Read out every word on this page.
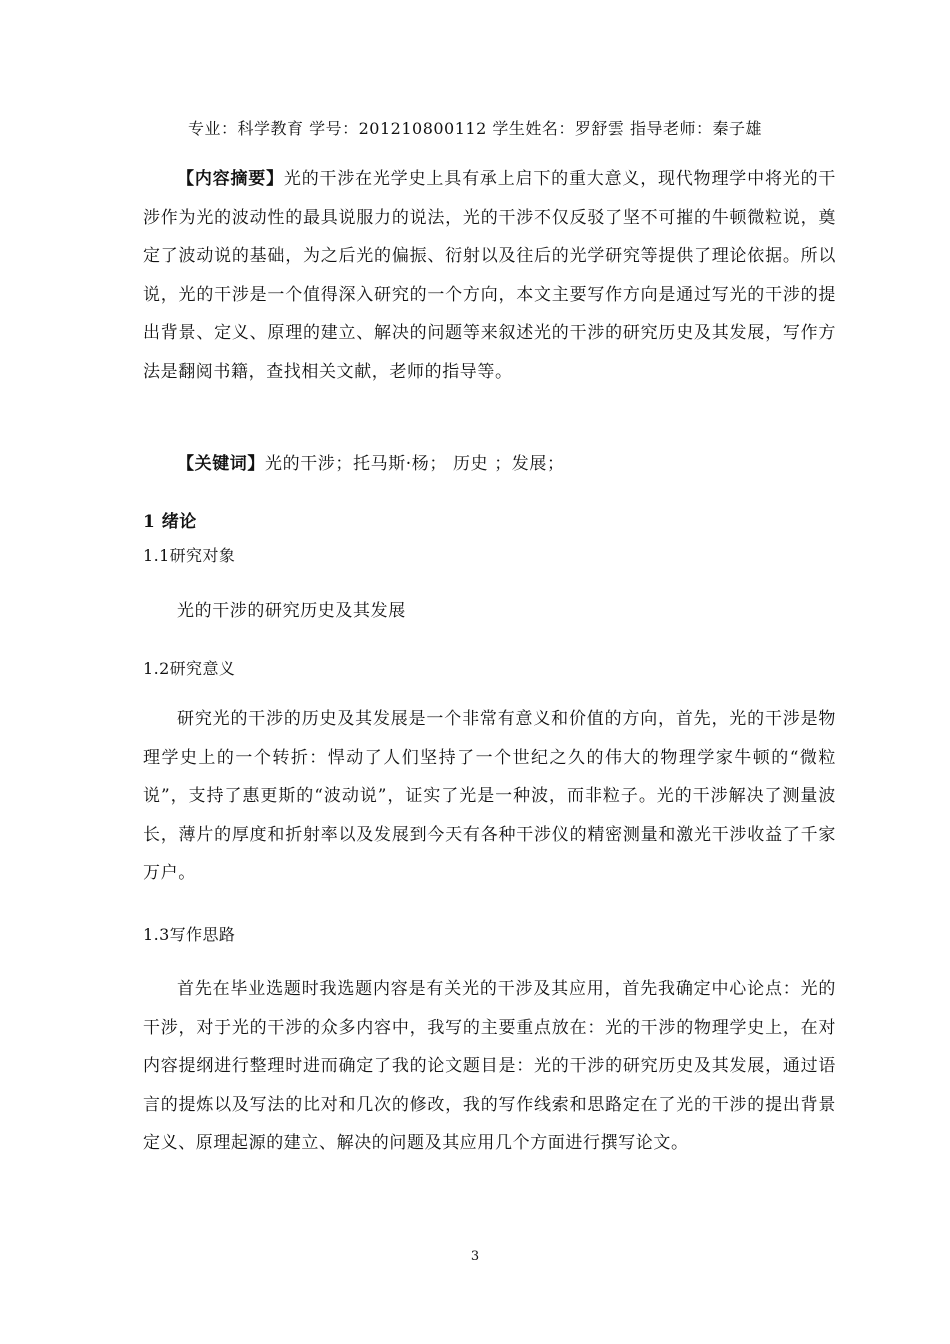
专业：科学教育 学号：201210800112 学生姓名：罗舒雲 指导老师：秦子雄
【内容摘要】光的干涉在光学史上具有承上启下的重大意义，现代物理学中将光的干涉作为光的波动性的最具说服力的说法，光的干涉不仅反驳了坚不可摧的牛顿微粒说，奠定了波动说的基础，为之后光的偏振、衍射以及往后的光学研究等提供了理论依据。所以说，光的干涉是一个值得深入研究的一个方向，本文主要写作方向是通过写光的干涉的提出背景、定义、原理的建立、解决的问题等来叙述光的干涉的研究历史及其发展，写作方法是翻阅书籍，查找相关文献，老师的指导等。
【关键词】光的干涉；托马斯·杨； 历史 ；发展；
1 绪论
1.1研究对象
光的干涉的研究历史及其发展
1.2研究意义
研究光的干涉的历史及其发展是一个非常有意义和价值的方向，首先，光的干涉是物理学史上的一个转折：悍动了人们坚持了一个世纪之久的伟大的物理学家牛顿的“微粒说”，支持了惠更斯的“波动说”，证实了光是一种波，而非粒子。光的干涉解决了测量波长，薄片的厚度和折射率以及发展到今天有各种干涉仪的精密测量和激光干涉收益了千家万户。
1.3写作思路
首先在毕业选题时我选题内容是有关光的干涉及其应用，首先我确定中心论点：光的干涉，对于光的干涉的众多内容中，我写的主要重点放在：光的干涉的物理学史上，在对内容提纲进行整理时进而确定了我的论文题目是：光的干涉的研究历史及其发展，通过语言的提炼以及写法的比对和几次的修改，我的写作线索和思路定在了光的干涉的提出背景定义、原理起源的建立、解决的问题及其应用几个方面进行撰写论文。
3
